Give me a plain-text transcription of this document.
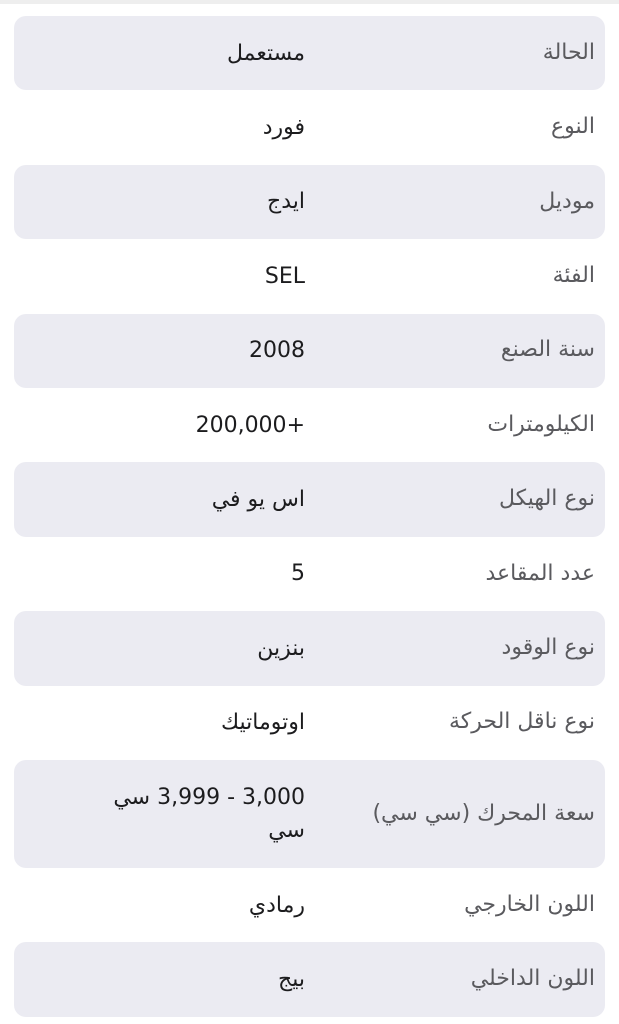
الحالة
مستعمل
النوع
فورد
موديل
ايدج
الفئة
SEL
سنة الصنع
2008
الكيلومترات
+200,000
نوع الهيكل
اس يو في
عدد المقاعد
5
نوع الوقود
بنزين
نوع ناقل الحركة
اوتوماتيك
سعة المحرك (سي سي)
3,000 - 3,999 سي سي
اللون الخارجي
رمادي
اللون الداخلي
بيج
